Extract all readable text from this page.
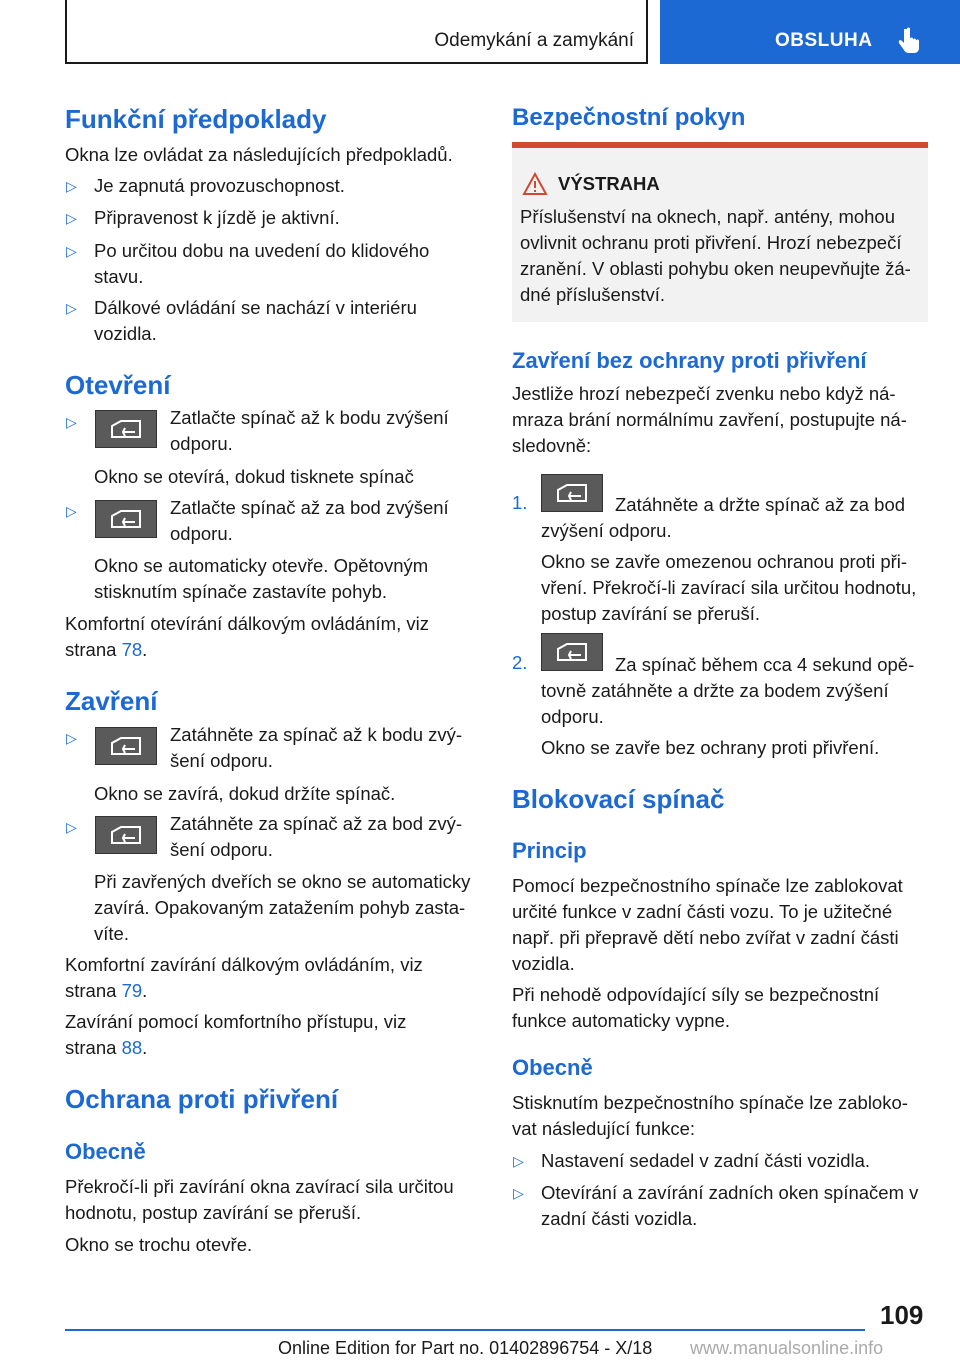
Odemykání a zamykání	OBSLUHA
Funkční předpoklady
Okna lze ovládat za následujících předpokladů.
▷ Je zapnutá provozuschopnost.
▷ Připravenost k jízdě je aktivní.
▷ Po určitou dobu na uvedení do klidového
stavu.
▷ Dálkové ovládání se nachází v interiéru
vozidla.
Otevření
▷	Zatlačte spínač až k bodu zvýšení
odporu.
Okno se otevírá, dokud tisknete spínač
▷	Zatlačte spínač až za bod zvýšení
odporu.
Okno se automaticky otevře. Opětovným
stisknutím spínače zastavíte pohyb.
Komfortní otevírání dálkovým ovládáním, viz
strana 78.
Zavření
▷	Zatáhněte za spínač až k bodu zvý-
šení odporu.
Okno se zavírá, dokud držíte spínač.
▷	Zatáhněte za spínač až za bod zvý-
šení odporu.
Při zavřených dveřích se okno se automaticky
zavírá. Opakovaným zatažením pohyb zasta-
víte.
Komfortní zavírání dálkovým ovládáním, viz
strana 79.
Zavírání pomocí komfortního přístupu, viz
strana 88.
Ochrana proti přivření
Obecně
Překročí-li při zavírání okna zavírací sila určitou
hodnotu, postup zavírání se přeruší.
Okno se trochu otevře.
Bezpečnostní pokyn
VÝSTRAHA
Příslušenství na oknech, např. antény, mohou
ovlivnit ochranu proti přivření. Hrozí nebezpečí
zranění. V oblasti pohybu oken neupevňujte žá-
dné příslušenství.
Zavření bez ochrany proti přivření
Jestliže hrozí nebezpečí zvenku nebo když ná-
mraza brání normálnímu zavření, postupujte ná-
sledovně:
1.	Zatáhněte a držte spínač až za bod
zvýšení odporu.
Okno se zavře omezenou ochranou proti při-
vření. Překročí-li zavírací sila určitou hodnotu,
postup zavírání se přeruší.
2.	Za spínač během cca 4 sekund opě-
tovně zatáhněte a držte za bodem zvýšení
odporu.
Okno se zavře bez ochrany proti přivření.
Blokovací spínač
Princip
Pomocí bezpečnostního spínače lze zablokovat
určité funkce v zadní části vozu. To je užitečné
např. při přepravě dětí nebo zvířat v zadní části
vozidla.
Při nehodě odpovídající síly se bezpečnostní
funkce automaticky vypne.
Obecně
Stisknutím bezpečnostního spínače lze zabloko-
vat následující funkce:
▷ Nastavení sedadel v zadní části vozidla.
▷ Otevírání a zavírání zadních oken spínačem v
zadní části vozidla.
109
Online Edition for Part no. 01402896754 - X/18 www.manualsonline.info
